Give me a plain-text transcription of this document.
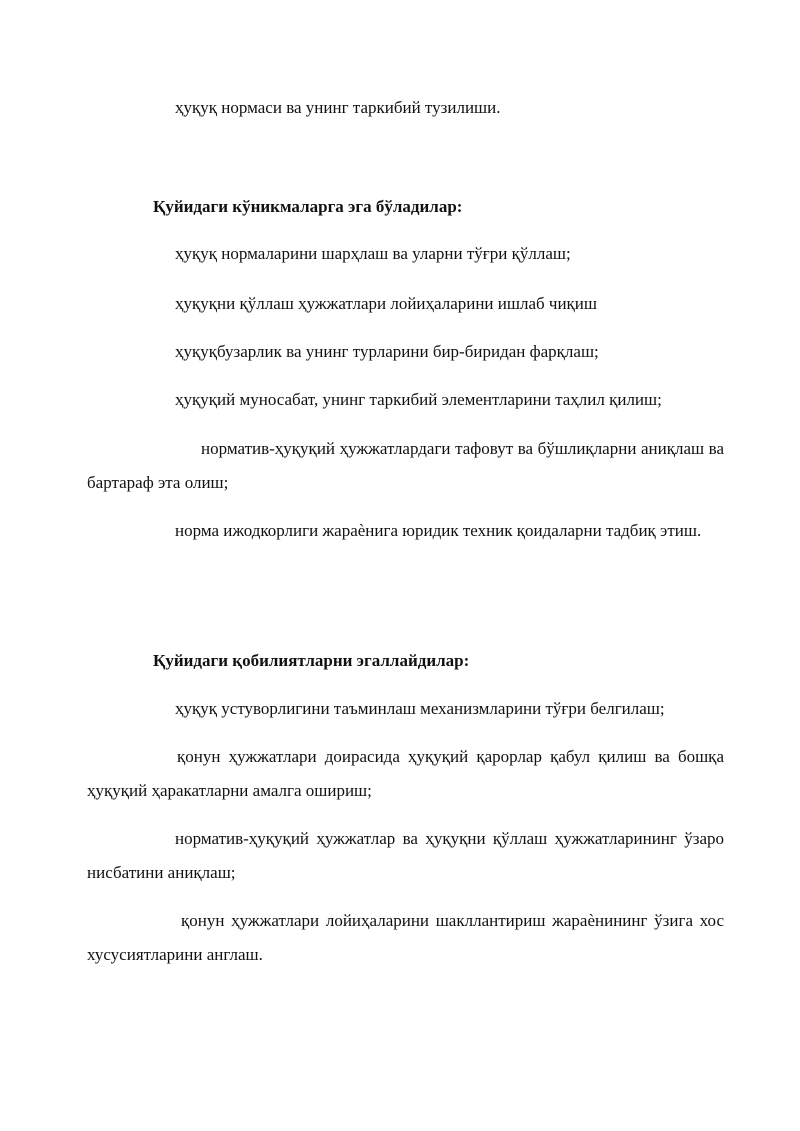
ҳуқуқ нормаси ва унинг таркибий тузилиши.
Қуйидаги кўникмаларга эга бўладилар:
ҳуқуқ нормаларини шарҳлаш ва уларни тўғри қўллаш;
ҳуқуқни қўллаш ҳужжатлари лойиҳаларини ишлаб чиқиш
ҳуқуқбузарлик ва унинг турларини бир-биридан фарқлаш;
ҳуқуқий муносабат, унинг таркибий элементларини таҳлил қилиш;
норматив-ҳуқуқий ҳужжатлардаги тафовут ва бўшлиқларни аниқлаш ва бартараф эта олиш;
норма ижодкорлиги жараѐнига юридик техник қоидаларни тадбиқ этиш.
Қуйидаги қобилиятларни эгаллайдилар:
ҳуқуқ устуворлигини таъминлаш механизмларини тўғри белгилаш;
қонун ҳужжатлари доирасида ҳуқуқий қарорлар қабул қилиш ва бошқа ҳуқуқий ҳаракатларни амалга ошириш;
норматив-ҳуқуқий ҳужжатлар ва ҳуқуқни қўллаш ҳужжатларининг ўзаро нисбатини аниқлаш;
қонун ҳужжатлари лойиҳаларини шакллантириш жараѐнининг ўзига хос хусусиятларини англаш.
